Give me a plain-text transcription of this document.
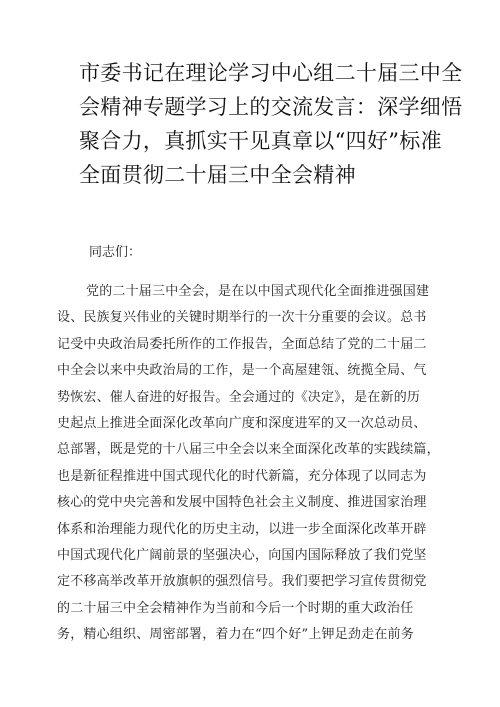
市委书记在理论学习中心组二十届三中全
会精神专题学习上的交流发言：深学细悟
聚合力，真抓实干见真章以“四好”标准
全面贯彻二十届三中全会精神
同志们：
党的二十届三中全会，是在以中国式现代化全面推进强国建
设、民族复兴伟业的关键时期举行的一次十分重要的会议。总书
记受中央政治局委托所作的工作报告，全面总结了党的二十届二
中全会以来中央政治局的工作，是一个高屋建瓴、统揽全局、气
势恢宏、催人奋进的好报告。全会通过的《决定》，是在新的历
史起点上推进全面深化改革向广度和深度进军的又一次总动员、
总部署，既是党的十八届三中全会以来全面深化改革的实践续篇，
也是新征程推进中国式现代化的时代新篇，充分体现了以同志为
核心的党中央完善和发展中国特色社会主义制度、推进国家治理
体系和治理能力现代化的历史主动，以进一步全面深化改革开辟
中国式现代化广阔前景的坚强决心，向国内国际释放了我们党坚
定不移高举改革开放旗帜的强烈信号。我们要把学习宣传贯彻党
的二十届三中全会精神作为当前和今后一个时期的重大政治任
务，精心组织、周密部署，着力在“四个好”上钾足劲走在前务
